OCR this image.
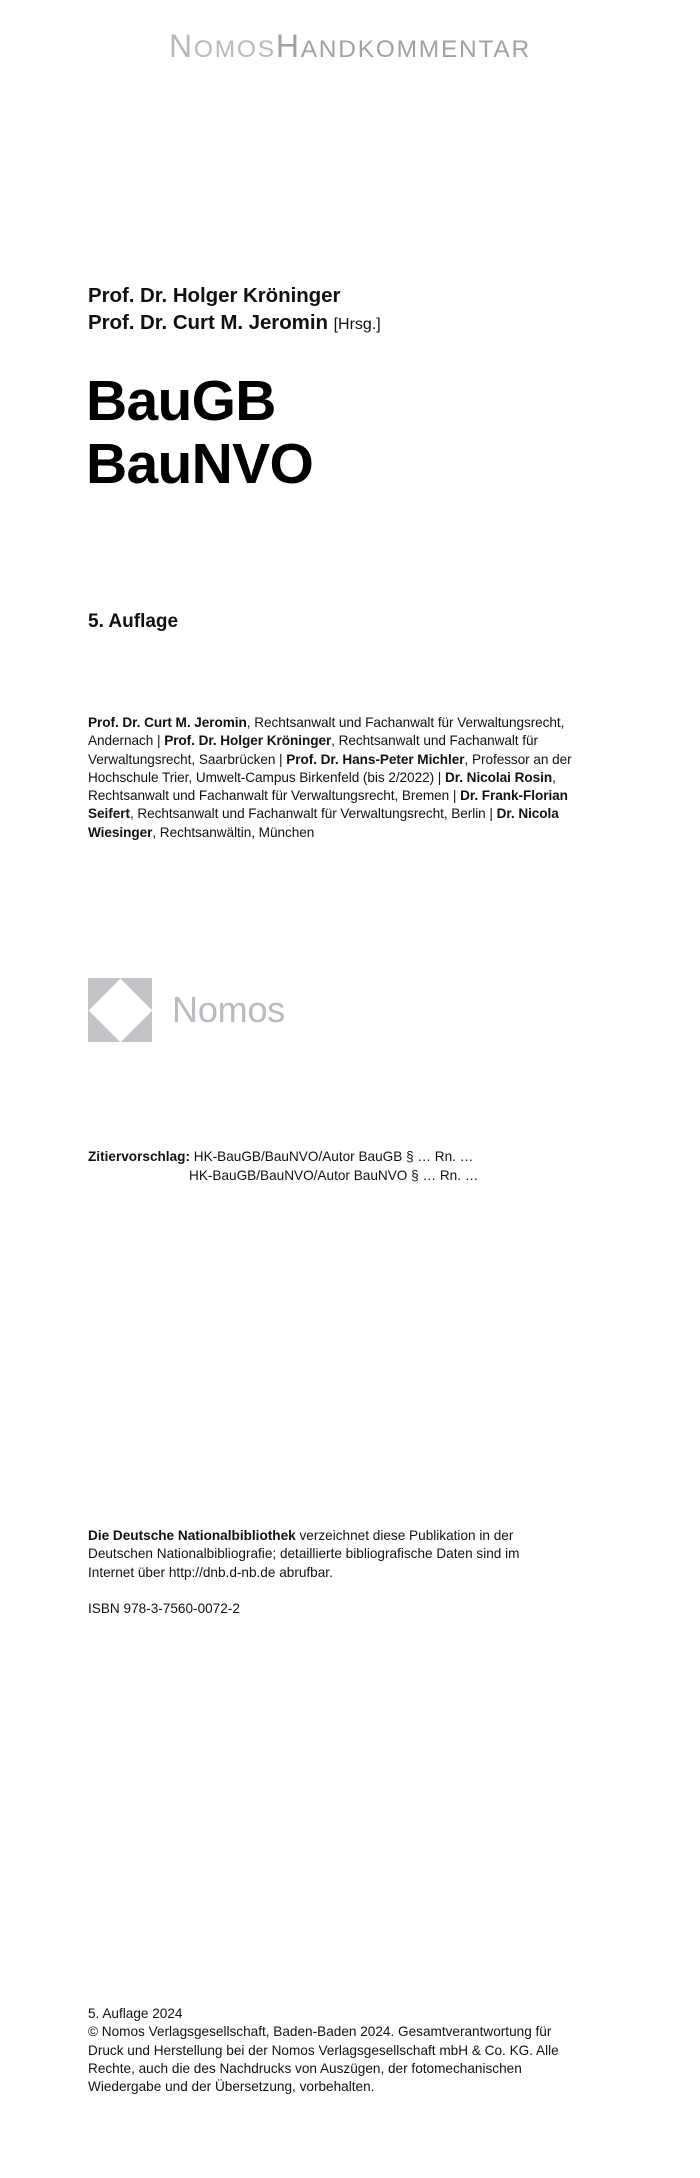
NOMOSHANDKOMMENTAR
Prof. Dr. Holger Kröninger
Prof. Dr. Curt M. Jeromin [Hrsg.]
BauGB
BauNVO
5. Auflage
Prof. Dr. Curt M. Jeromin, Rechtsanwalt und Fachanwalt für Verwaltungsrecht, Andernach | Prof. Dr. Holger Kröninger, Rechtsanwalt und Fachanwalt für Verwaltungsrecht, Saarbrücken | Prof. Dr. Hans-Peter Michler, Professor an der Hochschule Trier, Umwelt-Campus Birkenfeld (bis 2/2022) | Dr. Nicolai Rosin, Rechtsanwalt und Fachanwalt für Verwaltungsrecht, Bremen | Dr. Frank-Florian Seifert, Rechtsanwalt und Fachanwalt für Verwaltungsrecht, Berlin | Dr. Nicola Wiesinger, Rechtsanwältin, München
Nomos
Zitiervorschlag: HK-BauGB/BauNVO/Autor BauGB § … Rn. …
HK-BauGB/BauNVO/Autor BauNVO § … Rn. …
Die Deutsche Nationalbibliothek verzeichnet diese Publikation in der Deutschen Nationalbibliografie; detaillierte bibliografische Daten sind im Internet über http://dnb.d-nb.de abrufbar.
ISBN 978-3-7560-0072-2
5. Auflage 2024
© Nomos Verlagsgesellschaft, Baden-Baden 2024. Gesamtverantwortung für Druck und Herstellung bei der Nomos Verlagsgesellschaft mbH & Co. KG. Alle Rechte, auch die des Nachdrucks von Auszügen, der fotomechanischen Wiedergabe und der Übersetzung, vorbehalten.
